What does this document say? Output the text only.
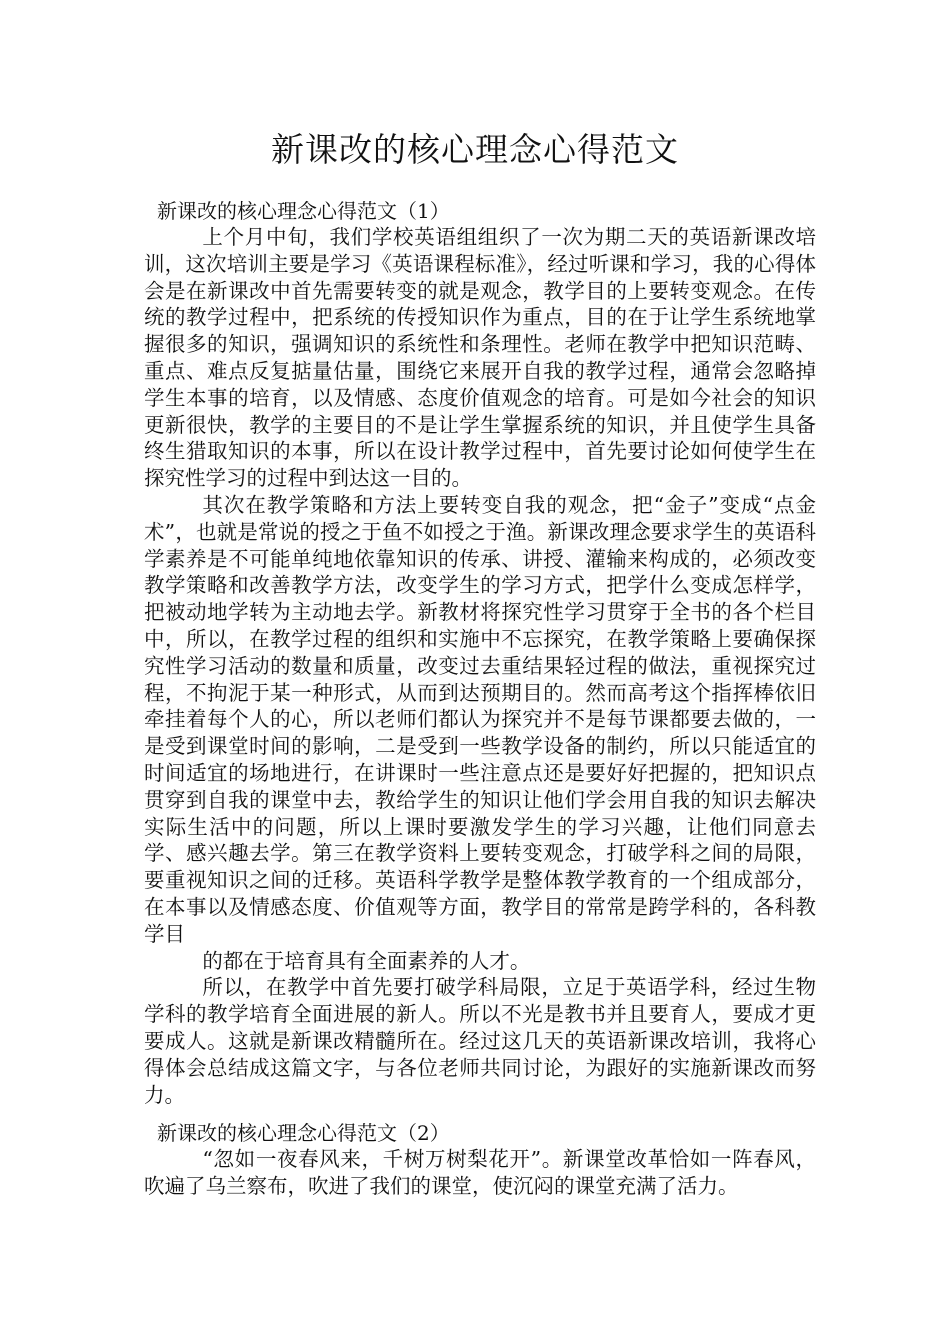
新课改的核心理念心得范文
新课改的核心理念心得范文（1）

上个月中旬，我们学校英语组组织了一次为期二天的英语新课改培训，这次培训主要是学习《英语课程标准》，经过听课和学习，我的心得体会是在新课改中首先需要转变的就是观念，教学目的上要转变观念。在传统的教学过程中，把系统的传授知识作为重点，目的在于让学生系统地掌握很多的知识，强调知识的系统性和条理性。老师在教学中把知识范畴、重点、难点反复掂量估量，围绕它来展开自我的教学过程，通常会忽略掉学生本事的培育，以及情感、态度价值观念的培育。可是如今社会的知识更新很快，教学的主要目的不是让学生掌握系统的知识，并且使学生具备终生猎取知识的本事，所以在设计教学过程中，首先要讨论如何使学生在探究性学习的过程中到达这一目的。

其次在教学策略和方法上要转变自我的观念，把“金子”变成“点金术”，也就是常说的授之于鱼不如授之于渔。新课改理念要求学生的英语科学素养是不可能单纯地依靠知识的传承、讲授、灌输来构成的，必须改变教学策略和改善教学方法，改变学生的学习方式，把学什么变成怎样学，把被动地学转为主动地去学。新教材将探究性学习贯穿于全书的各个栏目中，所以，在教学过程的组织和实施中不忘探究，在教学策略上要确保探究性学习活动的数量和质量，改变过去重结果轻过程的做法，重视探究过程，不拘泥于某一种形式，从而到达预期目的。然而高考这个指挥棒依旧牵挂着每个人的心，所以老师们都认为探究并不是每节课都要去做的，一是受到课堂时间的影响，二是受到一些教学设备的制约，所以只能适宜的时间适宜的场地进行，在讲课时一些注意点还是要好好把握的，把知识点贯穿到自我的课堂中去，教给学生的知识让他们学会用自我的知识去解决实际生活中的问题，所以上课时要激发学生的学习兴趣，让他们同意去学、感兴趣去学。第三在教学资料上要转变观念，打破学科之间的局限，要重视知识之间的迁移。英语科学教学是整体教学教育的一个组成部分，在本事以及情感态度、价值观等方面，教学目的常常是跨学科的，各科教学目

的都在于培育具有全面素养的人才。

所以，在教学中首先要打破学科局限，立足于英语学科，经过生物学科的教学培育全面进展的新人。所以不光是教书并且要育人，要成才更要成人。这就是新课改精髓所在。经过这几天的英语新课改培训，我将心得体会总结成这篇文字，与各位老师共同讨论，为跟好的实施新课改而努力。

新课改的核心理念心得范文（2）

“忽如一夜春风来，千树万树梨花开”。新课堂改革恰如一阵春风，吹遍了乌兰察布，吹进了我们的课堂，使沉闷的课堂充满了活力。
